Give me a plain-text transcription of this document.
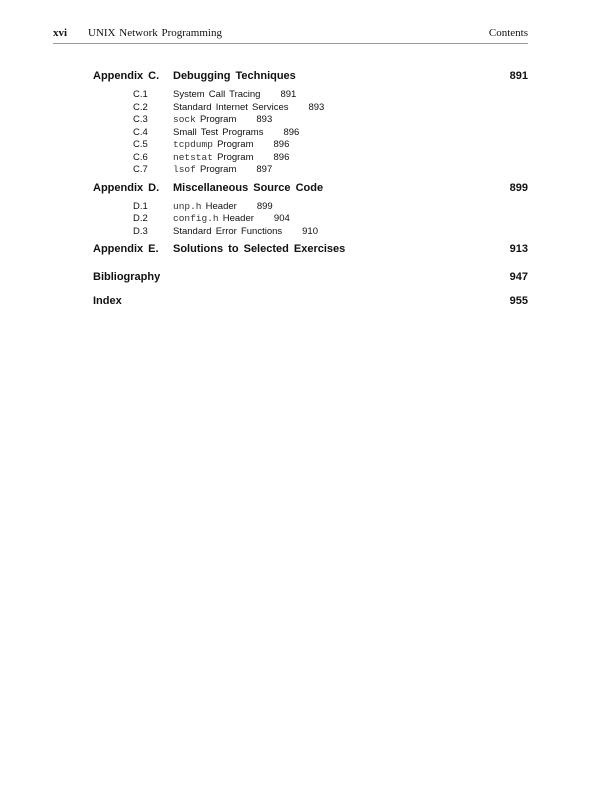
xvi UNIX Network Programming	Contents
Appendix C. Debugging Techniques	891
C.1	System Call Tracing 891
C.2	Standard Internet Services 893
C.3	sock Program 893
C.4	Small Test Programs 896
C.5	tcpdump Program 896
C.6	netstat Program 896
C.7	lsof Program 897
Appendix D. Miscellaneous Source Code	899
D.1	unp.h Header 899
D.2	config.h Header 904
D.3	Standard Error Functions 910
Appendix E. Solutions to Selected Exercises	913
Bibliography	947
Index	955
